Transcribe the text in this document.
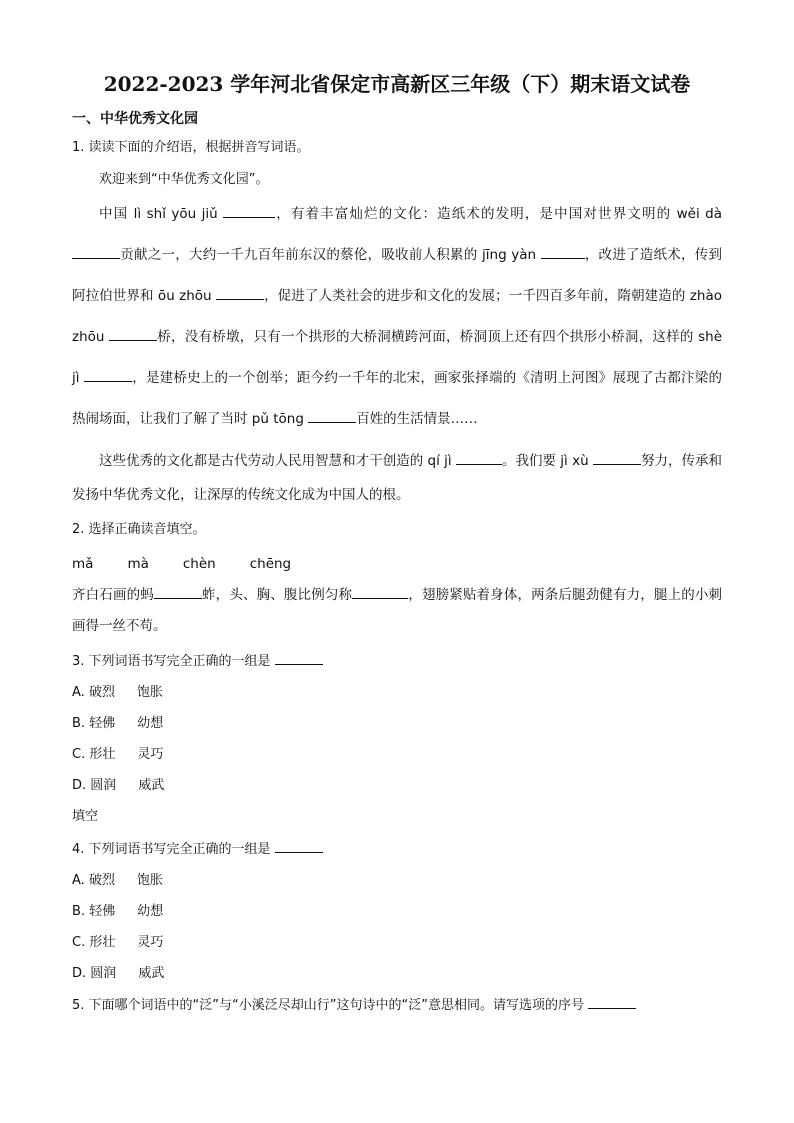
2022-2023 学年河北省保定市高新区三年级（下）期末语文试卷
一、中华优秀文化园
1. 读读下面的介绍语，根据拼音写词语。
欢迎来到“中华优秀文化园”。
中国 lì shǐ yōu jiǔ	，有着丰富灿烂的文化：造纸术的发明，是中国对世界文明的 wěi dà 贡献之一，大约一千九百年前东汉的蔡伦，吸收前人积累的 jīng yàn	，改进了造纸术，传到阿拉伯世界和 ōu zhōu	，促进了人类社会的进步和文化的发展；一千四百多年前，隋朝建造的 zhào zhōu	桥，没有桥墩，只有一个拱形的大桥洞横跨河面，桥洞顶上还有四个拱形小桥洞，这样的 shè jì	，是建桥史上的一个创举；距今约一千年的北宋，画家张择端的《清明上河图》展现了古都汴梁的热闹场面，让我们了解了当时 pǔ tōng	百姓的生活情景……
这些优秀的文化都是古代劳动人民用智慧和才干创造的 qí jì	。我们要 jì xù	努力，传承和发扬中华优秀文化，让深厚的传统文化成为中国人的根。
2. 选择正确读音填空。
mǎ	mà	chèn	chēng
齐白石画的蚂	蚱，头、胸、腹比例匀称	，翅膀紧贴着身体，两条后腿劲健有力，腿上的小刺画得一丝不苟。
3. 下列词语书写完全正确的一组是
A. 破烈 饱胀
B. 轻佛 幼想
C. 形壮 灵巧
D. 圆润 威武
填空
4. 下列词语书写完全正确的一组是
A. 破烈 饱胀
B. 轻佛 幼想
C. 形壮 灵巧
D. 圆润 威武
5. 下面哪个词语中的“泛”与“小溪泛尽却山行”这句诗中的“泛”意思相同。请写选项的序号
